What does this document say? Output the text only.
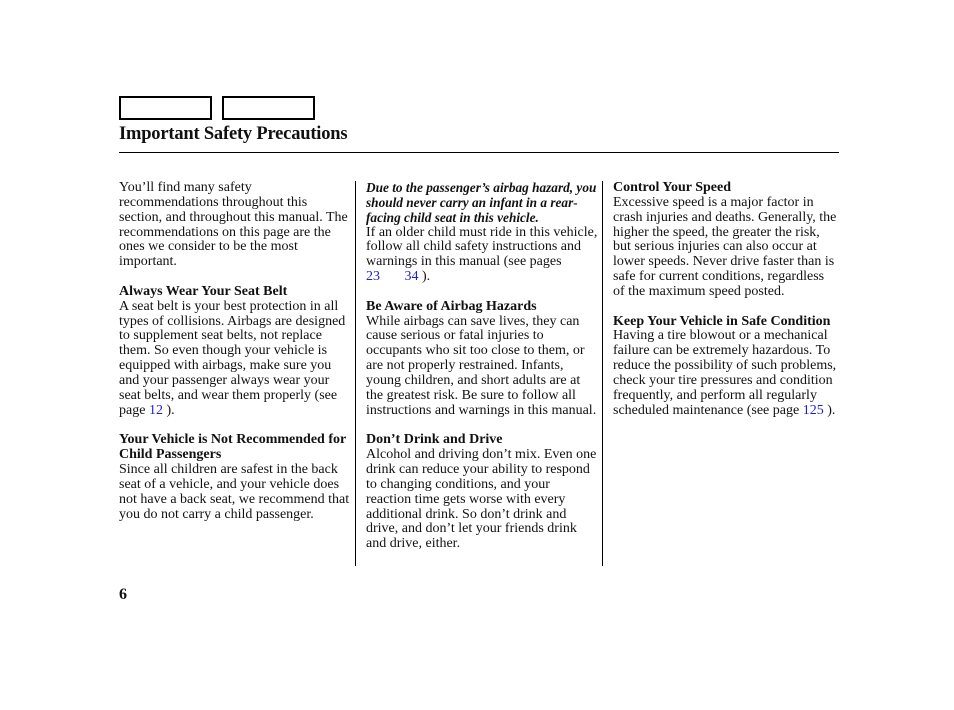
Important Safety Precautions

You’ll find many safety recommendations throughout this section, and throughout this manual. The recommendations on this page are the ones we consider to be the most important.

Always Wear Your Seat Belt
A seat belt is your best protection in all types of collisions. Airbags are designed to supplement seat belts, not replace them. So even though your vehicle is equipped with airbags, make sure you and your passenger always wear your seat belts, and wear them properly (see page 12 ).

Your Vehicle is Not Recommended for Child Passengers
Since all children are safest in the back seat of a vehicle, and your vehicle does not have a back seat, we recommend that you do not carry a child passenger.

Due to the passenger’s airbag hazard, you should never carry an infant in a rear-facing child seat in this vehicle.
If an older child must ride in this vehicle, follow all child safety instructions and warnings in this manual (see pages 23 34 ).

Be Aware of Airbag Hazards
While airbags can save lives, they can cause serious or fatal injuries to occupants who sit too close to them, or are not properly restrained. Infants, young children, and short adults are at the greatest risk. Be sure to follow all instructions and warnings in this manual.

Don’t Drink and Drive
Alcohol and driving don’t mix. Even one drink can reduce your ability to respond to changing conditions, and your reaction time gets worse with every additional drink. So don’t drink and drive, and don’t let your friends drink and drive, either.

Control Your Speed
Excessive speed is a major factor in crash injuries and deaths. Generally, the higher the speed, the greater the risk, but serious injuries can also occur at lower speeds. Never drive faster than is safe for current conditions, regardless of the maximum speed posted.

Keep Your Vehicle in Safe Condition
Having a tire blowout or a mechanical failure can be extremely hazardous. To reduce the possibility of such problems, check your tire pressures and condition frequently, and perform all regularly scheduled maintenance (see page 125 ).

6
